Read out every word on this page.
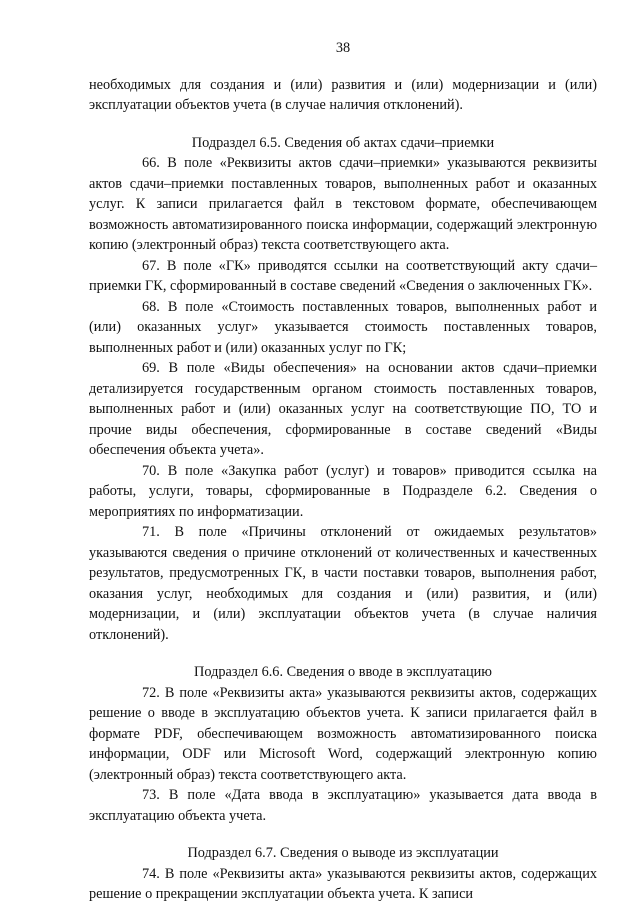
38

необходимых для создания и (или) развития и (или) модернизации и (или) эксплуатации объектов учета (в случае наличия отклонений).

Подраздел 6.5. Сведения об актах сдачи–приемки

66. В поле «Реквизиты актов сдачи–приемки» указываются реквизиты актов сдачи–приемки поставленных товаров, выполненных работ и оказанных услуг. К записи прилагается файл в текстовом формате, обеспечивающем возможность автоматизированного поиска информации, содержащий электронную копию (электронный образ) текста соответствующего акта.

67. В поле «ГК» приводятся ссылки на соответствующий акту сдачи–приемки ГК, сформированный в составе сведений «Сведения о заключенных ГК».

68. В поле «Стоимость поставленных товаров, выполненных работ и (или) оказанных услуг» указывается стоимость поставленных товаров, выполненных работ и (или) оказанных услуг по ГК;

69. В поле «Виды обеспечения» на основании актов сдачи–приемки детализируется государственным органом стоимость поставленных товаров, выполненных работ и (или) оказанных услуг на соответствующие ПО, ТО и прочие виды обеспечения, сформированные в составе сведений «Виды обеспечения объекта учета».

70. В поле «Закупка работ (услуг) и товаров» приводится ссылка на работы, услуги, товары, сформированные в Подразделе 6.2. Сведения о мероприятиях по информатизации.

71. В поле «Причины отклонений от ожидаемых результатов» указываются сведения о причине отклонений от количественных и качественных результатов, предусмотренных ГК, в части поставки товаров, выполнения работ, оказания услуг, необходимых для создания и (или) развития, и (или) модернизации, и (или) эксплуатации объектов учета (в случае наличия отклонений).

Подраздел 6.6. Сведения о вводе в эксплуатацию

72. В поле «Реквизиты акта» указываются реквизиты актов, содержащих решение о вводе в эксплуатацию объектов учета. К записи прилагается файл в формате PDF, обеспечивающем возможность автоматизированного поиска информации, ODF или Microsoft Word, содержащий электронную копию (электронный образ) текста соответствующего акта.

73. В поле «Дата ввода в эксплуатацию» указывается дата ввода в эксплуатацию объекта учета.

Подраздел 6.7. Сведения о выводе из эксплуатации

74. В поле «Реквизиты акта» указываются реквизиты актов, содержащих решение о прекращении эксплуатации объекта учета. К записи
